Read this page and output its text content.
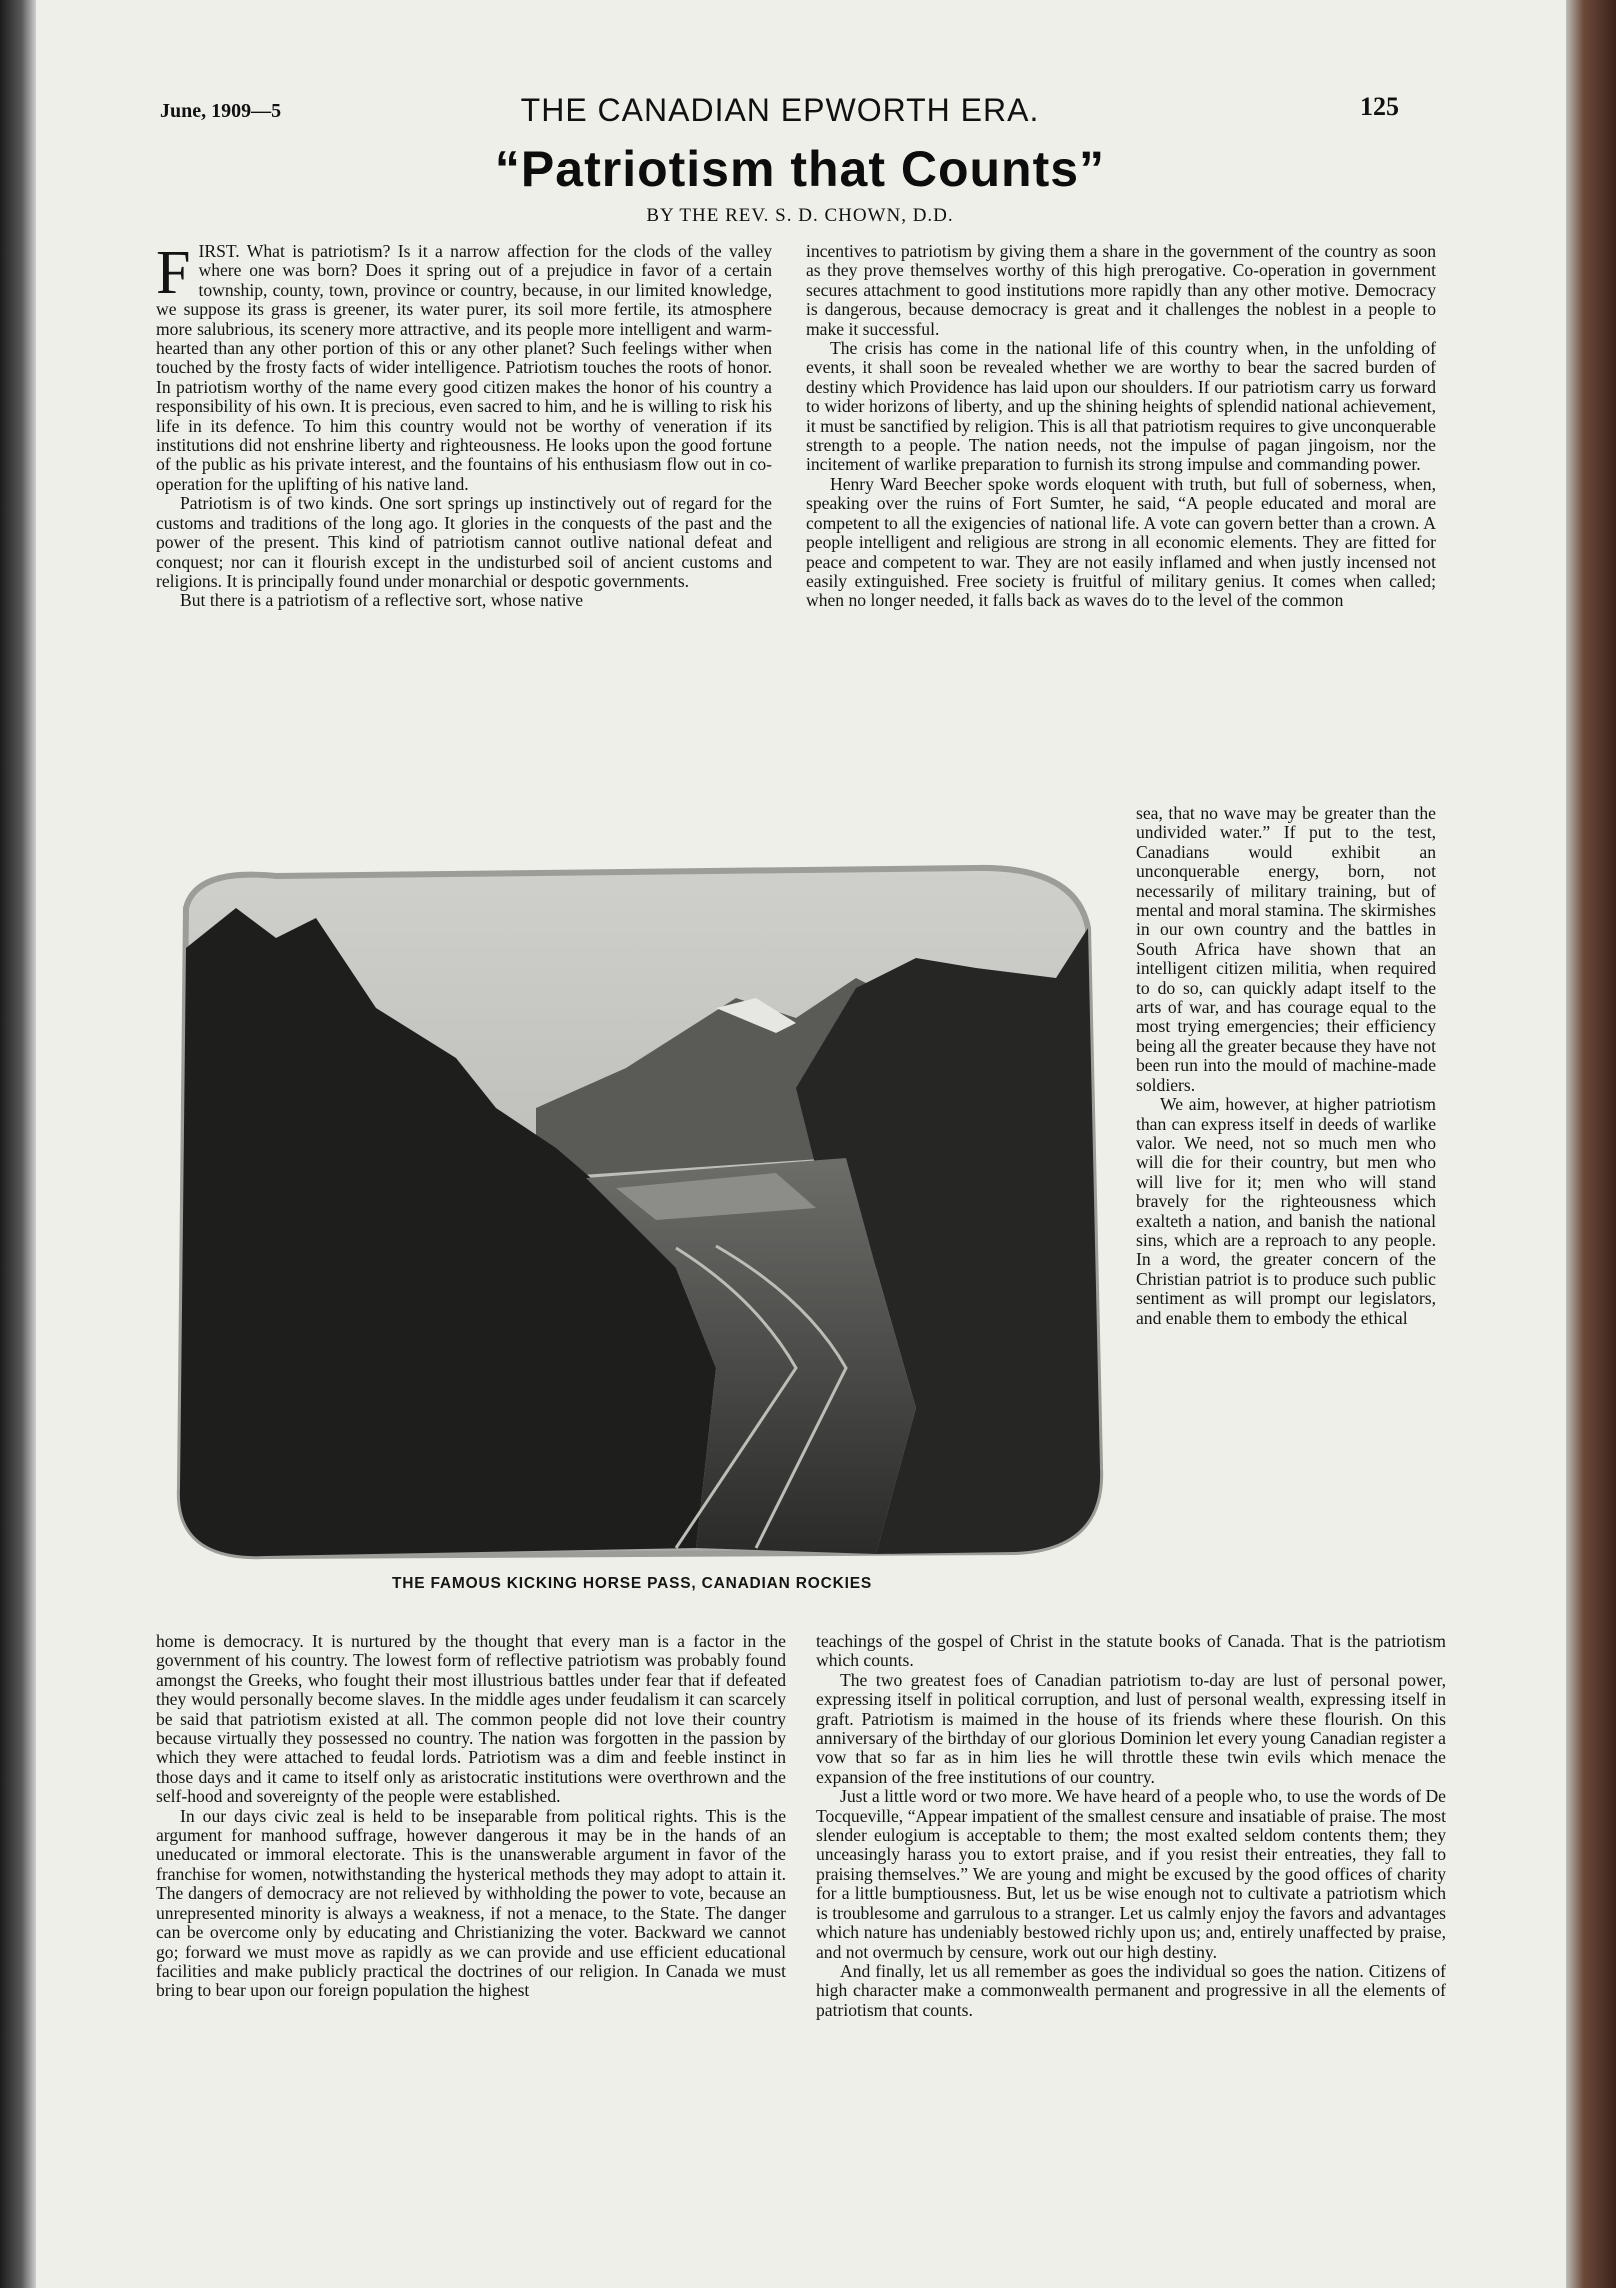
June, 1909—5	THE CANADIAN EPWORTH ERA.	125
“Patriotism that Counts”
BY THE REV. S. D. CHOWN, D.D.

FIRST. What is patriotism? Is it a narrow affection for the clods of the valley where one was born? Does it spring out of a prejudice in favor of a certain township, county, town, province or country, because, in our limited knowledge, we suppose its grass is greener, its water purer, its soil more fertile, its atmosphere more salubrious, its scenery more attractive, and its people more intelligent and warm-hearted than any other portion of this or any other planet? Such feelings wither when touched by the frosty facts of wider intelligence. Patriotism touches the roots of honor. In patriotism worthy of the name every good citizen makes the honor of his country a responsibility of his own. It is precious, even sacred to him, and he is willing to risk his life in its defence. To him this country would not be worthy of veneration if its institutions did not enshrine liberty and righteousness. He looks upon the good fortune of the public as his private interest, and the fountains of his enthusiasm flow out in co-operation for the uplifting of his native land.

Patriotism is of two kinds. One sort springs up instinctively out of regard for the customs and traditions of the long ago. It glories in the conquests of the past and the power of the present. This kind of patriotism cannot outlive national defeat and conquest; nor can it flourish except in the undisturbed soil of ancient customs and religions. It is principally found under monarchial or despotic governments.

But there is a patriotism of a reflective sort, whose native

incentives to patriotism by giving them a share in the government of the country as soon as they prove themselves worthy of this high prerogative. Co-operation in government secures attachment to good institutions more rapidly than any other motive. Democracy is dangerous, because democracy is great and it challenges the noblest in a people to make it successful.

The crisis has come in the national life of this country when, in the unfolding of events, it shall soon be revealed whether we are worthy to bear the sacred burden of destiny which Providence has laid upon our shoulders. If our patriotism carry us forward to wider horizons of liberty, and up the shining heights of splendid national achievement, it must be sanctified by religion. This is all that patriotism requires to give unconquerable strength to a people. The nation needs, not the impulse of pagan jingoism, nor the incitement of warlike preparation to furnish its strong impulse and commanding power.

Henry Ward Beecher spoke words eloquent with truth, but full of soberness, when, speaking over the ruins of Fort Sumter, he said, “A people educated and moral are competent to all the exigencies of national life. A vote can govern better than a crown. A people intelligent and religious are strong in all economic elements. They are fitted for peace and competent to war. They are not easily inflamed and when justly incensed not easily extinguished. Free society is fruitful of military genius. It comes when called; when no longer needed, it falls back as waves do to the level of the common

sea, that no wave may be greater than the undivided water.” If put to the test, Canadians would exhibit an unconquerable energy, born, not necessarily of military training, but of mental and moral stamina. The skirmishes in our own country and the battles in South Africa have shown that an intelligent citizen militia, when required to do so, can quickly adapt itself to the arts of war, and has courage equal to the most trying emergencies; their efficiency being all the greater because they have not been run into the mould of machine-made soldiers.

We aim, however, at higher patriotism than can express itself in deeds of warlike valor. We need, not so much men who will die for their country, but men who will live for it; men who will stand bravely for the righteousness which exalteth a nation, and banish the national sins, which are a reproach to any people. In a word, the greater concern of the Christian patriot is to produce such public sentiment as will prompt our legislators, and enable them to embody the ethical

THE FAMOUS KICKING HORSE PASS, CANADIAN ROCKIES

home is democracy. It is nurtured by the thought that every man is a factor in the government of his country. The lowest form of reflective patriotism was probably found amongst the Greeks, who fought their most illustrious battles under fear that if defeated they would personally become slaves. In the middle ages under feudalism it can scarcely be said that patriotism existed at all. The common people did not love their country because virtually they possessed no country. The nation was forgotten in the passion by which they were attached to feudal lords. Patriotism was a dim and feeble instinct in those days and it came to itself only as aristocratic institutions were overthrown and the self-hood and sovereignty of the people were established.

In our days civic zeal is held to be inseparable from political rights. This is the argument for manhood suffrage, however dangerous it may be in the hands of an uneducated or immoral electorate. This is the unanswerable argument in favor of the franchise for women, notwithstanding the hysterical methods they may adopt to attain it. The dangers of democracy are not relieved by withholding the power to vote, because an unrepresented minority is always a weakness, if not a menace, to the State. The danger can be overcome only by educating and Christianizing the voter. Backward we cannot go; forward we must move as rapidly as we can provide and use efficient educational facilities and make publicly practical the doctrines of our religion. In Canada we must bring to bear upon our foreign population the highest

teachings of the gospel of Christ in the statute books of Canada. That is the patriotism which counts.

The two greatest foes of Canadian patriotism to-day are lust of personal power, expressing itself in political corruption, and lust of personal wealth, expressing itself in graft. Patriotism is maimed in the house of its friends where these flourish. On this anniversary of the birthday of our glorious Dominion let every young Canadian register a vow that so far as in him lies he will throttle these twin evils which menace the expansion of the free institutions of our country.

Just a little word or two more. We have heard of a people who, to use the words of De Tocqueville, “Appear impatient of the smallest censure and insatiable of praise. The most slender eulogium is acceptable to them; the most exalted seldom contents them; they unceasingly harass you to extort praise, and if you resist their entreaties, they fall to praising themselves.” We are young and might be excused by the good offices of charity for a little bumptiousness. But, let us be wise enough not to cultivate a patriotism which is troublesome and garrulous to a stranger. Let us calmly enjoy the favors and advantages which nature has undeniably bestowed richly upon us; and, entirely unaffected by praise, and not overmuch by censure, work out our high destiny.

And finally, let us all remember as goes the individual so goes the nation. Citizens of high character make a commonwealth permanent and progressive in all the elements of patriotism that counts.
